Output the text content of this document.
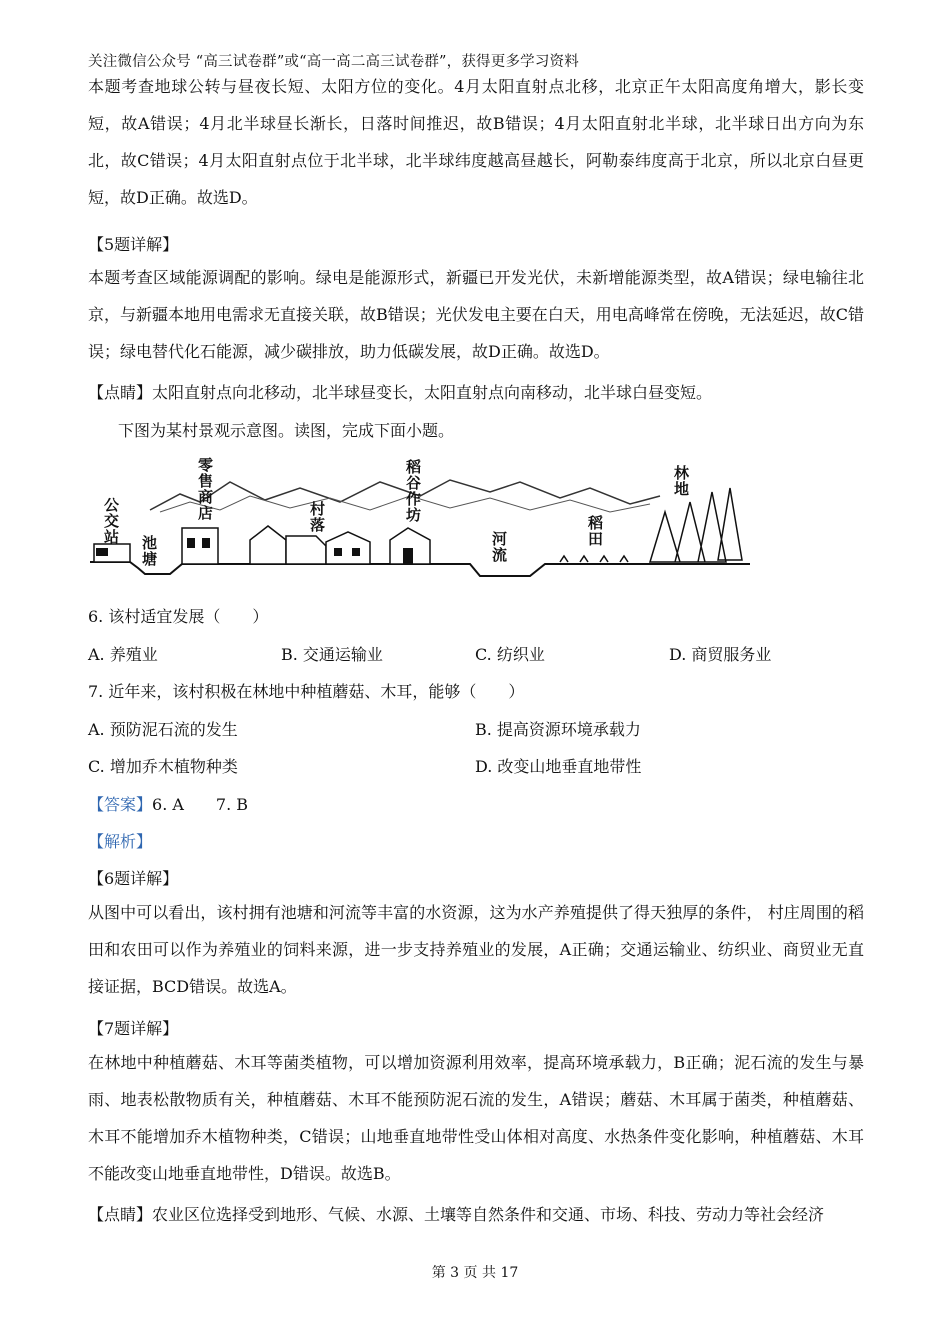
关注微信公众号 “高三试卷群”或“高一高二高三试卷群”，获得更多学习资料
本题考查地球公转与昼夜长短、太阳方位的变化。4月太阳直射点北移，北京正午太阳高度角增大，影长变短，故A错误；4月北半球昼长渐长，日落时间推迟，故B错误；4月太阳直射北半球，北半球日出方向为东北，故C错误；4月太阳直射点位于北半球，北半球纬度越高昼越长，阿勒泰纬度高于北京，所以北京白昼更短，故D正确。故选D。
【5题详解】
本题考查区域能源调配的影响。绿电是能源形式，新疆已开发光伏，未新增能源类型，故A错误；绿电输往北京，与新疆本地用电需求无直接关联，故B错误；光伏发电主要在白天，用电高峰常在傍晚，无法延迟，故C错误；绿电替代化石能源，减少碳排放，助力低碳发展，故D正确。故选D。
【点睛】太阳直射点向北移动，北半球昼变长，太阳直射点向南移动，北半球白昼变短。
下图为某村景观示意图。读图，完成下面小题。
公交站
零售商店
池塘
村落
稻谷作坊
河流
稻田
林地
6. 该村适宜发展（　　）
A. 养殖业	B. 交通运输业	C. 纺织业	D. 商贸服务业
7. 近年来，该村积极在林地中种植蘑菇、木耳，能够（　　）
A. 预防泥石流的发生	B. 提高资源环境承载力
C. 增加乔木植物种类	D. 改变山地垂直地带性
【答案】6. A　　7. B
【解析】
【6题详解】
从图中可以看出，该村拥有池塘和河流等丰富的水资源，这为水产养殖提供了得天独厚的条件， 村庄周围的稻田和农田可以作为养殖业的饲料来源，进一步支持养殖业的发展，A正确；交通运输业、纺织业、商贸业无直接证据，BCD错误。故选A。
【7题详解】
在林地中种植蘑菇、木耳等菌类植物，可以增加资源利用效率，提高环境承载力，B正确；泥石流的发生与暴雨、地表松散物质有关，种植蘑菇、木耳不能预防泥石流的发生，A错误；蘑菇、木耳属于菌类，种植蘑菇、木耳不能增加乔木植物种类，C错误；山地垂直地带性受山体相对高度、水热条件变化影响，种植蘑菇、木耳不能改变山地垂直地带性，D错误。故选B。
【点睛】农业区位选择受到地形、气候、水源、土壤等自然条件和交通、市场、科技、劳动力等社会经济
第 3 页 共 17
